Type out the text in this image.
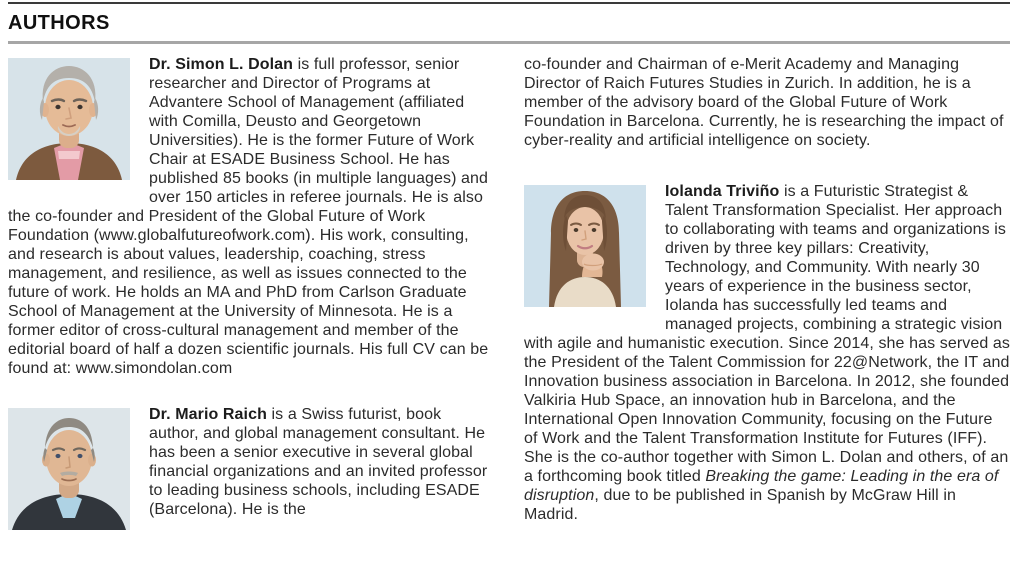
AUTHORS

Dr. Simon L. Dolan is full professor, senior researcher and Director of Programs at Advantere School of Management (affiliated with Comilla, Deusto and Georgetown Universities). He is the former Future of Work Chair at ESADE Business School. He has published 85 books (in multiple languages) and over 150 articles in referee journals. He is also the co-founder and President of the Global Future of Work Foundation (www.globalfutureofwork.com). His work, consulting, and research is about values, leadership, coaching, stress management, and resilience, as well as issues connected to the future of work. He holds an MA and PhD from Carlson Graduate School of Management at the University of Minnesota. He is a former editor of cross-cultural management and member of the editorial board of half a dozen scientific journals. His full CV can be found at: www.simondolan.com

Dr. Mario Raich is a Swiss futurist, book author, and global management consultant. He has been a senior executive in several global financial organizations and an invited professor to leading business schools, including ESADE (Barcelona). He is the

co-founder and Chairman of e-Merit Academy and Managing Director of Raich Futures Studies in Zurich. In addition, he is a member of the advisory board of the Global Future of Work Foundation in Barcelona. Currently, he is researching the impact of cyber-reality and artificial intelligence on society.

Iolanda Triviño is a Futuristic Strategist & Talent Transformation Specialist. Her approach to collaborating with teams and organizations is driven by three key pillars: Creativity, Technology, and Community. With nearly 30 years of experience in the business sector, Iolanda has successfully led teams and managed projects, combining a strategic vision with agile and humanistic execution. Since 2014, she has served as the President of the Talent Commission for 22@Network, the IT and Innovation business association in Barcelona. In 2012, she founded Valkiria Hub Space, an innovation hub in Barcelona, and the International Open Innovation Community, focusing on the Future of Work and the Talent Transformation Institute for Futures (IFF). She is the co-author together with Simon L. Dolan and others, of an a forthcoming book titled Breaking the game: Leading in the era of disruption, due to be published in Spanish by McGraw Hill in Madrid.
